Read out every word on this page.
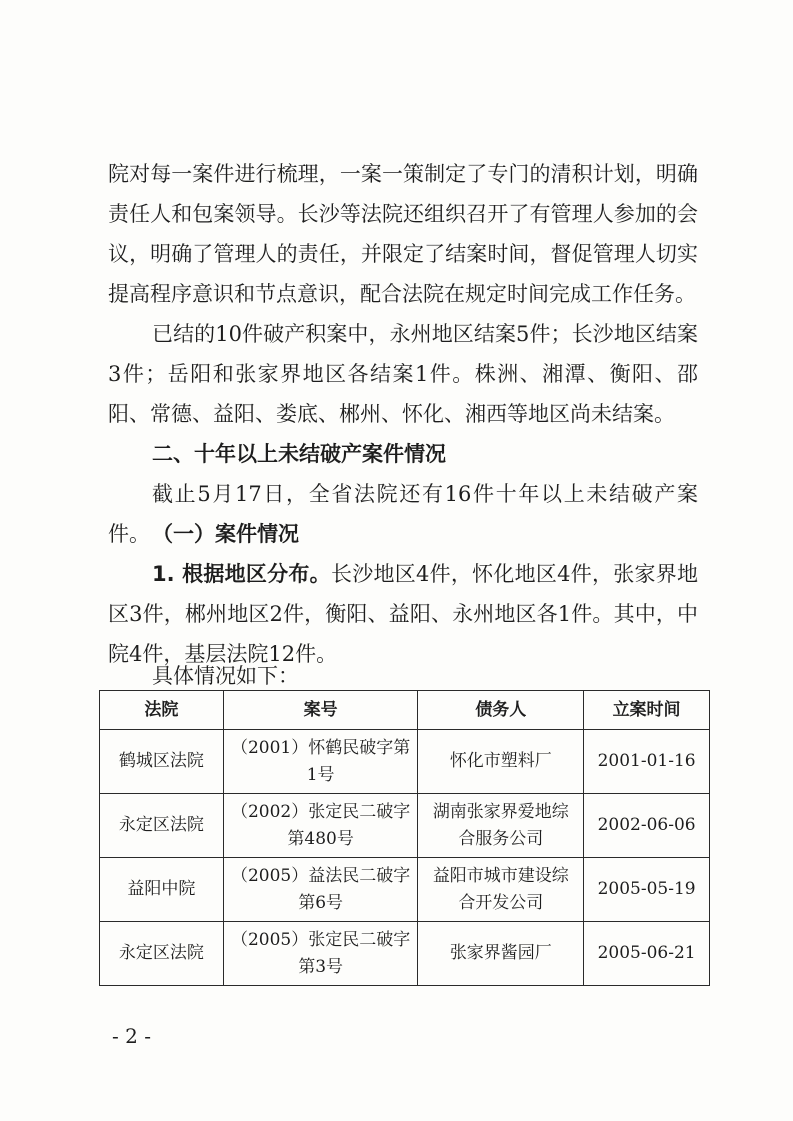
院对每一案件进行梳理，一案一策制定了专门的清积计划，明确责任人和包案领导。长沙等法院还组织召开了有管理人参加的会议，明确了管理人的责任，并限定了结案时间，督促管理人切实提高程序意识和节点意识，配合法院在规定时间完成工作任务。

已结的10件破产积案中，永州地区结案5件；长沙地区结案3件；岳阳和张家界地区各结案1件。株洲、湘潭、衡阳、邵阳、常德、益阳、娄底、郴州、怀化、湘西等地区尚未结案。

二、十年以上未结破产案件情况

截止5月17日，全省法院还有16件十年以上未结破产案件。 （一）案件情况

1. 根据地区分布。长沙地区4件，怀化地区4件，张家界地区3件，郴州地区2件，衡阳、益阳、永州地区各1件。其中，中院4件，基层法院12件。

具体情况如下：

法院	案号	债务人	立案时间
鹤城区法院	（2001）怀鹤民破字第1号	怀化市塑料厂	2001-01-16
永定区法院	（2002）张定民二破字第480号	湖南张家界爱地综合服务公司	2002-06-06
益阳中院	（2005）益法民二破字第6号	益阳市城市建设综合开发公司	2005-05-19
永定区法院	（2005）张定民二破字第3号	张家界酱园厂	2005-06-21
- 2 -
